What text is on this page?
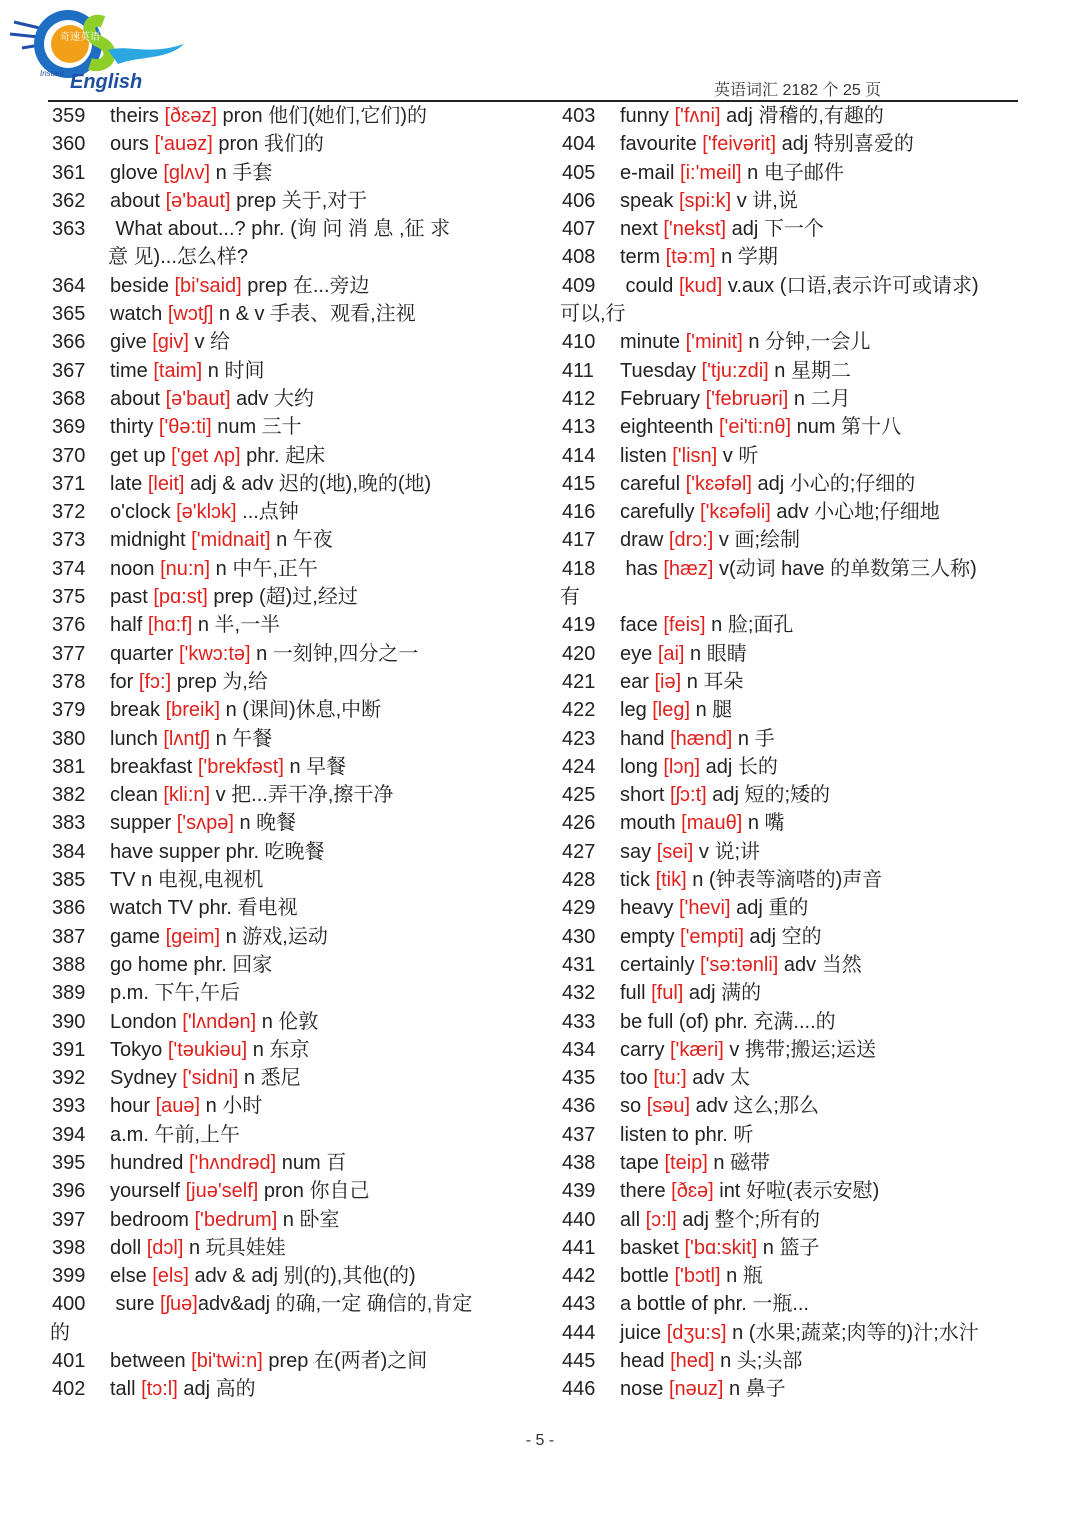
奇速英语
Instant English	英语词汇 2182 个 25 页
359 theirs [ðɛəz] pron 他们(她们,它们)的
360 ours ['auəz] pron 我们的
361 glove [glʌv] n 手套
362 about [ə'baut] prep 关于,对于
363 What about...? phr. (询 问 消 息 ,征 求
意 见)...怎么样?
364 beside [bi'said] prep 在...旁边
365 watch [wɔtʃ] n & v 手表、观看,注视
366 give [giv] v 给
367 time [taim] n 时间
368 about [ə'baut] adv 大约
369 thirty ['θə:ti] num 三十
370 get up ['get ʌp] phr. 起床
371 late [leit] adj & adv 迟的(地),晚的(地)
372 o'clock [ə'klɔk] ...点钟
373 midnight ['midnait] n 午夜
374 noon [nu:n] n 中午,正午
375 past [pɑ:st] prep (超)过,经过
376 half [hɑ:f] n 半,一半
377 quarter ['kwɔ:tə] n 一刻钟,四分之一
378 for [fɔ:] prep 为,给
379 break [breik] n (课间)休息,中断
380 lunch [lʌntʃ] n 午餐
381 breakfast ['brekfəst] n 早餐
382 clean [kli:n] v 把...弄干净,擦干净
383 supper ['sʌpə] n 晚餐
384 have supper phr. 吃晚餐
385 TV n 电视,电视机
386 watch TV phr. 看电视
387 game [geim] n 游戏,运动
388 go home phr. 回家
389 p.m. 下午,午后
390 London ['lʌndən] n 伦敦
391 Tokyo ['təukiəu] n 东京
392 Sydney ['sidni] n 悉尼
393 hour [auə] n 小时
394 a.m. 午前,上午
395 hundred ['hʌndrəd] num 百
396 yourself [juə'self] pron 你自己
397 bedroom ['bedrum] n 卧室
398 doll [dɔl] n 玩具娃娃
399 else [els] adv & adj 别(的),其他(的)
400 sure [ʃuə]adv&adj 的确,一定 确信的,肯定
的
401 between [bi'twi:n] prep 在(两者)之间
402 tall [tɔ:l] adj 高的
403 funny ['fʌni] adj 滑稽的,有趣的
404 favourite ['feivərit] adj 特别喜爱的
405 e-mail [i:'meil] n 电子邮件
406 speak [spi:k] v 讲,说
407 next ['nekst] adj 下一个
408 term [tə:m] n 学期
409 could [kud] v.aux (口语,表示许可或请求)
可以,行
410 minute ['minit] n 分钟,一会儿
411 Tuesday ['tju:zdi] n 星期二
412 February ['februəri] n 二月
413 eighteenth ['ei'ti:nθ] num 第十八
414 listen ['lisn] v 听
415 careful ['kɛəfəl] adj 小心的;仔细的
416 carefully ['kɛəfəli] adv 小心地;仔细地
417 draw [drɔ:] v 画;绘制
418 has [hæz] v(动词 have 的单数第三人称)
有
419 face [feis] n 脸;面孔
420 eye [ai] n 眼睛
421 ear [iə] n 耳朵
422 leg [leg] n 腿
423 hand [hænd] n 手
424 long [lɔŋ] adj 长的
425 short [ʃɔ:t] adj 短的;矮的
426 mouth [mauθ] n 嘴
427 say [sei] v 说;讲
428 tick [tik] n (钟表等滴嗒的)声音
429 heavy ['hevi] adj 重的
430 empty ['empti] adj 空的
431 certainly ['sə:tənli] adv 当然
432 full [ful] adj 满的
433 be full (of) phr. 充满....的
434 carry ['kæri] v 携带;搬运;运送
435 too [tu:] adv 太
436 so [səu] adv 这么;那么
437 listen to phr. 听
438 tape [teip] n 磁带
439 there [ðɛə] int 好啦(表示安慰)
440 all [ɔ:l] adj 整个;所有的
441 basket ['bɑ:skit] n 篮子
442 bottle ['bɔtl] n 瓶
443 a bottle of phr. 一瓶...
444 juice [dʒu:s] n (水果;蔬菜;肉等的)汁;水汁
445 head [hed] n 头;头部
446 nose [nəuz] n 鼻子
- 5 -
